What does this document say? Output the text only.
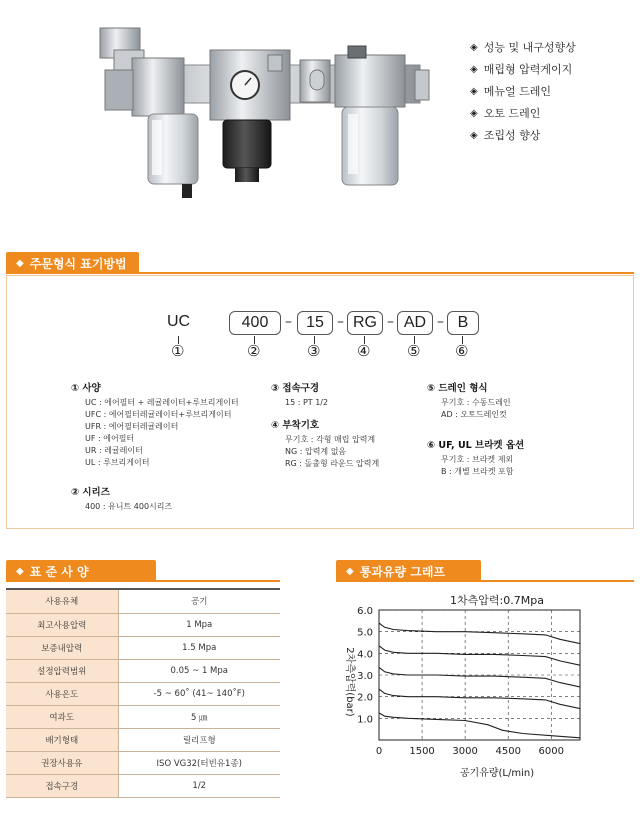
◈ 성능 및 내구성향상
◈ 매립형 압력게이지
◈ 메뉴얼 드레인
◈ 오토 드레인
◈ 조립성 향상
◆ 주문형식 표기방법
UC	400	– 15 – RG – AD – B
①	②	③ ④ ⑤ ⑥
① 사양
UC : 에어필터 + 레귤레이터+루브리게이터
UFC : 에어필터레귤레이터+루브리게이터
UFR : 에어필터레귤레이터
UF : 에어필터
UR : 레귤레이터
UL : 루브리게이터
② 시리즈
400 : 유니트 400시리즈
③ 접속구경
15 : PT 1/2
④ 부착기호
무기호 : 각형 매립 압력계
NG : 압력계 없음
RG : 돌출형 라운드 압력계
⑤ 드레인 형식
무기호 : 수동드레인
AD : 오토드레인컷
⑥ UF, UL 브라켓 옵션
무기호 : 브라켓 제외
B : 개별 브라켓 포함
◆ 표 준 사 양
사용유체	공기
최고사용압력	1 Mpa
보증내압력	1.5 Mpa
설정압력범위	0.05 ~ 1 Mpa
사용온도	-5 ~ 60˚ (41~ 140˚F)
여과도	5 ㎛
배기형태	릴리프형
권장사용유	ISO VG32(터빈유1종)
접속구경	1/2
◆ 통과유량 그래프
1차측압력:0.7Mpa
공기유량(L/min)
2차측압력(bar)
1.0
2.0
3.0
4.0
5.0
6.0
0	1500 3000 4500 6000
